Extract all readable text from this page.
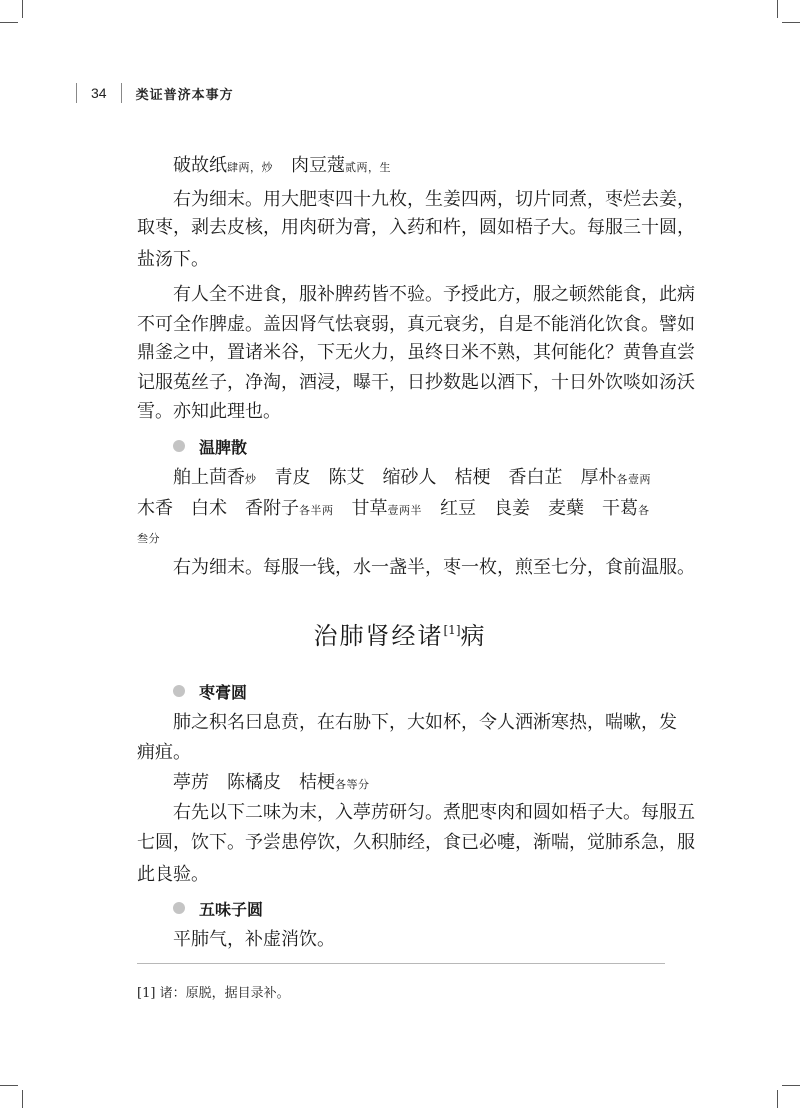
34 类证普济本事方
破故纸肆两，炒 肉豆蔻贰两，生
右为细末。用大肥枣四十九枚，生姜四两，切片同煮，枣烂去姜，
取枣，剥去皮核，用肉研为膏，入药和杵，圆如梧子大。每服三十圆，
盐汤下。
有人全不进食，服补脾药皆不验。予授此方，服之顿然能食，此病
不可全作脾虚。盖因肾气怯衰弱，真元衰劣，自是不能消化饮食。譬如
鼎釜之中，置诸米谷，下无火力，虽终日米不熟，其何能化？黄鲁直尝
记服菟丝子，净淘，酒浸，曝干，日抄数匙以酒下，十日外饮啖如汤沃
雪。亦知此理也。
温脾散
舶上茴香炒 青皮 陈艾 缩砂人 桔梗 香白芷 厚朴各壹两
木香 白术 香附子各半两 甘草壹两半 红豆 良姜 麦蘖 干葛各
叁分
右为细末。每服一钱，水一盏半，枣一枚，煎至七分，食前温服。
枣膏圆
肺之积名曰息贲，在右胁下，大如杯，令人洒淅寒热，喘嗽，发
痈疽。
葶苈 陈橘皮 桔梗各等分
右先以下二味为末，入葶苈研匀。煮肥枣肉和圆如梧子大。每服五
七圆，饮下。予尝患停饮，久积肺经，食已必嚏，渐喘，觉肺系急，服
此良验。
五味子圆
平肺气，补虚消饮。
治肺肾经诸[1]病
[1] 诸：原脱，据目录补。
